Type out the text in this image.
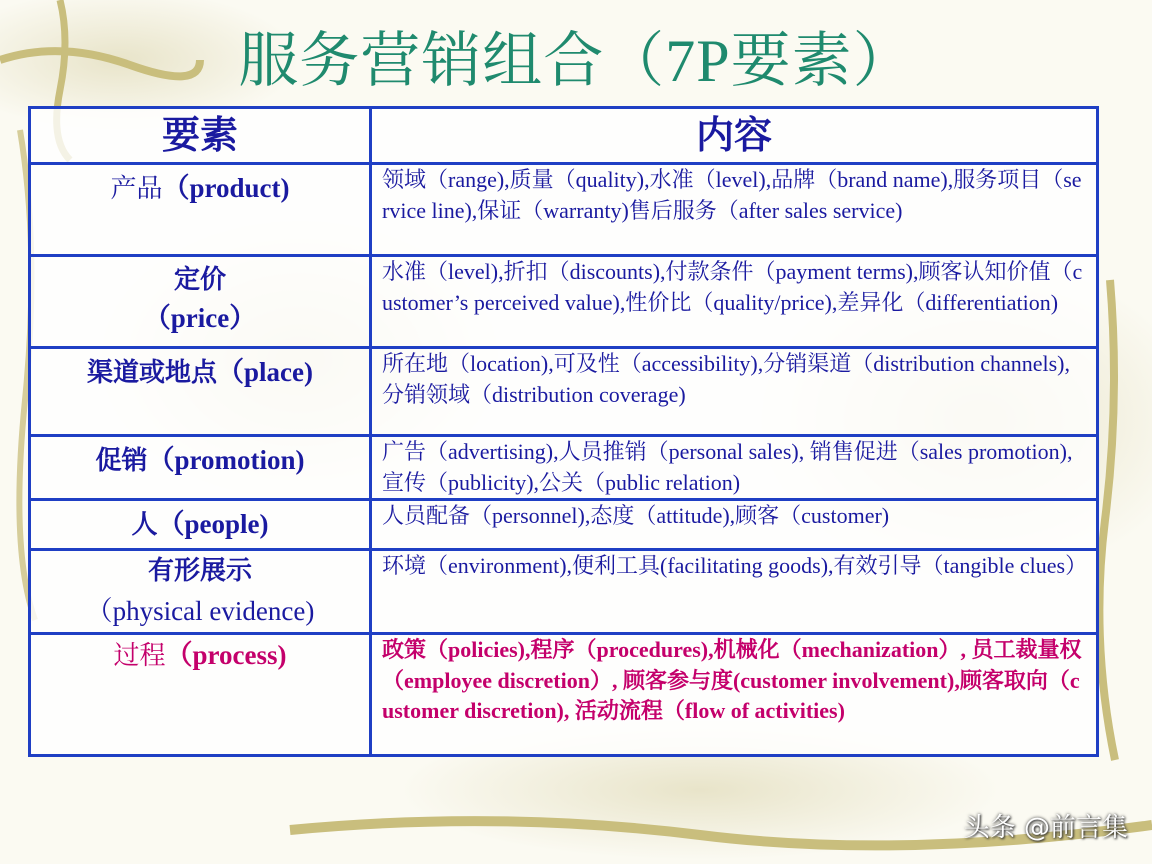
服务营销组合（7P要素）
要素	内容
产品（product)	领域（range),质量（quality),水准（level),品牌（brand name),服务项目（service line),保证（warranty)售后服务（after sales service)

定价
（price）	水准（level),折扣（discounts),付款条件（payment terms),顾客认知价值（customer’s perceived value),性价比（quality/price),差异化（differentiation)
渠道或地点（place)	所在地（location),可及性（accessibility),分销渠道（distribution channels),分销领域（distribution coverage)
促销（promotion)	广告（advertising),人员推销（personal sales), 销售促进（sales promotion),宣传（publicity),公关（public relation)
人（people)	人员配备（personnel),态度（attitude),顾客（customer)

有形展示
（physical evidence)	环境（environment),便利工具(facilitating goods),有效引导（tangible clues）
过程（process)	政策（policies),程序（procedures),机械化（mechanization）, 员工裁量权（employee discretion）, 顾客参与度(customer involvement),顾客取向（customer discretion), 活动流程（flow of activities)
头条 @前言集
